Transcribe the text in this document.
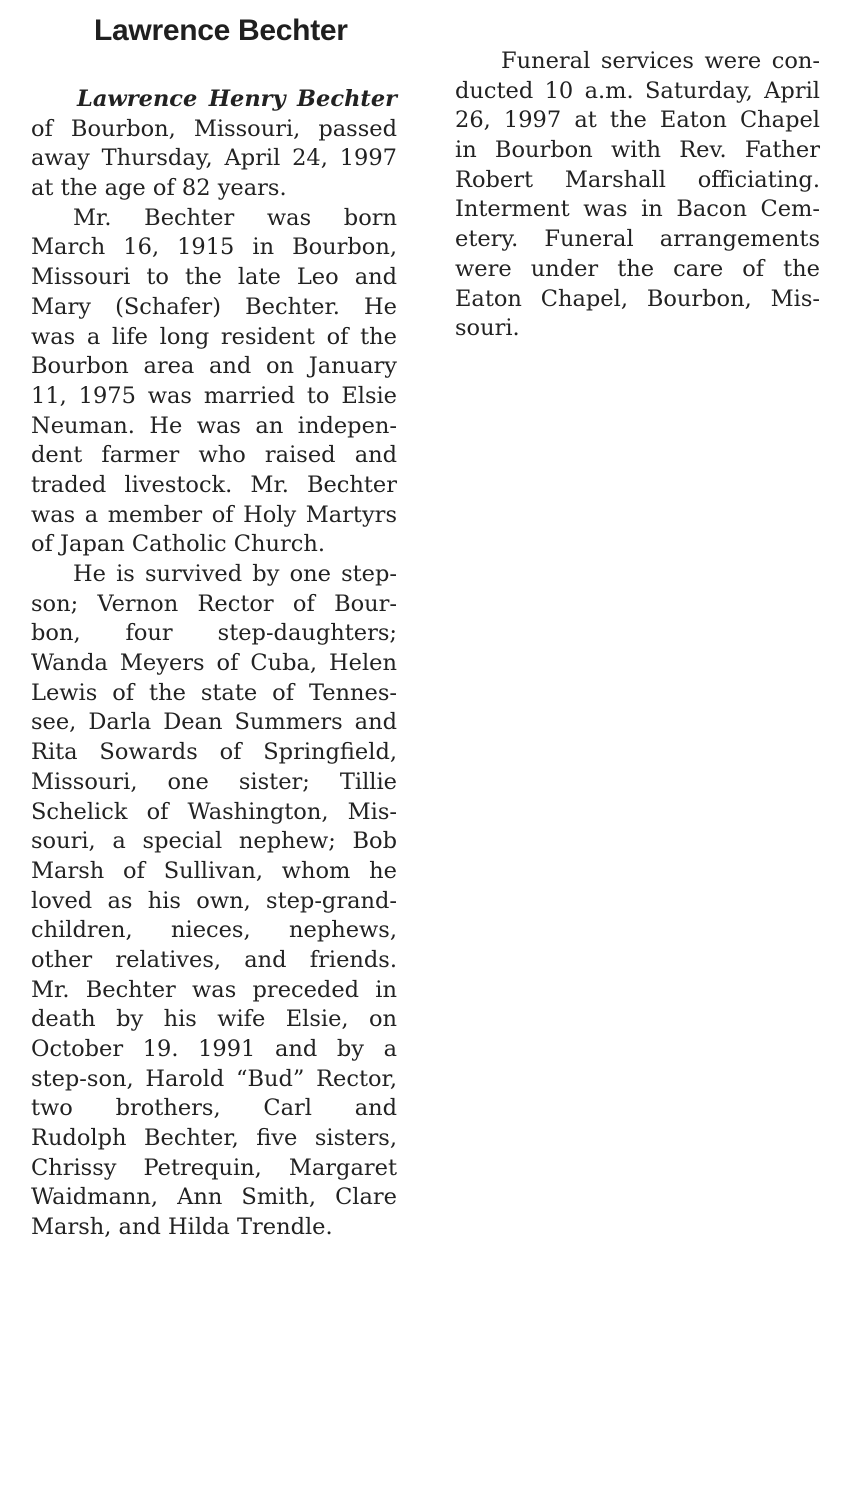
Lawrence Bechter
Lawrence Henry Bechter
of Bourbon, Missouri, passed
away Thursday, April 24, 1997
at the age of 82 years.
Mr. Bechter was born
March 16, 1915 in Bourbon,
Missouri to the late Leo and
Mary (Schafer) Bechter. He
was a life long resident of the
Bourbon area and on January
11, 1975 was married to Elsie
Neuman. He was an indepen-
dent farmer who raised and
traded livestock. Mr. Bechter
was a member of Holy Martyrs
of Japan Catholic Church.
He is survived by one step-
son; Vernon Rector of Bour-
bon, four step-daughters;
Wanda Meyers of Cuba, Helen
Lewis of the state of Tennes-
see, Darla Dean Summers and
Rita Sowards of Springfield,
Missouri, one sister; Tillie
Schelick of Washington, Mis-
souri, a special nephew; Bob
Marsh of Sullivan, whom he
loved as his own, step-grand-
children, nieces, nephews,
other relatives, and friends.
Mr. Bechter was preceded in
death by his wife Elsie, on
October 19. 1991 and by a
step-son, Harold “Bud” Rector,
two brothers, Carl and
Rudolph Bechter, five sisters,
Chrissy Petrequin, Margaret
Waidmann, Ann Smith, Clare
Marsh, and Hilda Trendle.
Funeral services were con-
ducted 10 a.m. Saturday, April
26, 1997 at the Eaton Chapel
in Bourbon with Rev. Father
Robert Marshall officiating.
Interment was in Bacon Cem-
etery. Funeral arrangements
were under the care of the
Eaton Chapel, Bourbon, Mis-
souri.
